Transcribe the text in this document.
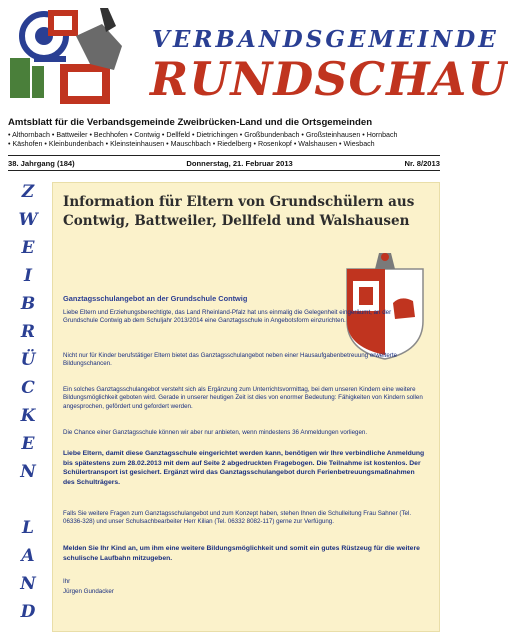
VERBANDSGEMEINDE
RUNDSCHAU
Amtsblatt für die Verbandsgemeinde Zweibrücken-Land und die Ortsgemeinden
• Althornbach • Battweiler • Bechhofen • Contwig • Dellfeld • Dietrichingen • Großbundenbach • Großsteinhausen • Hornbach
• Käshofen • Kleinbundenbach • Kleinsteinhausen • Mauschbach • Riedelberg • Rosenkopf • Walshausen • Wiesbach
38. Jahrgang (184)	Donnerstag, 21. Februar 2013	Nr. 8/2013
Z
W
E
I
B
R
Ü
C
K
E
N
L
A
N
D
Information für Eltern von Grundschülern aus Contwig, Battweiler, Dellfeld und Walshausen
Ganztagsschulangebot an der Grundschule Contwig
Liebe Eltern und Erziehungsberechtigte, das Land Rheinland-Pfalz hat uns einmalig die Gelegenheit eingeräumt, an der Grundschule Contwig ab dem Schuljahr 2013/2014 eine Ganztagsschule in Angebotsform einzurichten.
Nicht nur für Kinder berufstätiger Eltern bietet das Ganztagsschulangebot neben einer Hausaufgabenbetreuung erweiterte Bildungschancen.
Ein solches Ganztagsschulangebot versteht sich als Ergänzung zum Unterrichtsvormittag, bei dem unseren Kindern eine weitere Bildungsmöglichkeit geboten wird. Gerade in unserer heutigen Zeit ist dies von enormer Bedeutung: Fähigkeiten von Kindern sollen angesprochen, gefördert und gefordert werden.
Die Chance einer Ganztagsschule können wir aber nur anbieten, wenn mindestens 36 Anmeldungen vorliegen.
Liebe Eltern, damit diese Ganztagsschule eingerichtet werden kann, benötigen wir Ihre verbindliche Anmeldung bis spätestens zum 28.02.2013 mit dem auf Seite 2 abgedruckten Fragebogen. Die Teilnahme ist kostenlos. Der Schülertransport ist gesichert. Ergänzt wird das Ganztagsschulangebot durch Ferienbetreuungsmaßnahmen des Schulträgers.
Falls Sie weitere Fragen zum Ganztagsschulangebot und zum Konzept haben, stehen Ihnen die Schulleitung Frau Sahner (Tel. 06336-328) und unser Schulsachbearbeiter Herr Kilian (Tel. 06332 8082-117) gerne zur Verfügung.
Melden Sie Ihr Kind an, um ihm eine weitere Bildungsmöglichkeit und somit ein gutes Rüstzeug für die weitere schulische Laufbahn mitzugeben.
Ihr
Jürgen Gundacker
